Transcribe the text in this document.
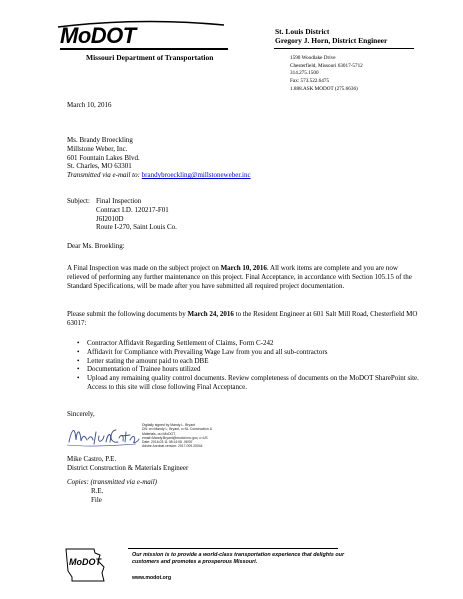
MoDOT
Missouri Department of Transportation
St. Louis District
Gregory J. Horn, District Engineer
1590 Woodlake Drive
Chesterfield, Missouri 63017-5712
314.275.1500
Fax: 573.522.6475
1.888.ASK MODOT (275.6636)
March 10, 2016
Ms. Brandy Broeckling
Millstone Weber, Inc.
601 Fountain Lakes Blvd.
St. Charles, MO 63301
Transmitted via e-mail to: brandybroeckling@millstoneweber.inc
Subject: Final Inspection
Contract I.D. 120217-F01
J6I2010D
Route I-270, Saint Louis Co.
Dear Ms. Broekling:
A Final Inspection was made on the subject project on March 10, 2016. All work items are complete and you are now relieved of performing any further maintenance on this project. Final Acceptance, in accordance with Section 105.15 of the Standard Specifications, will be made after you have submitted all required project documentation.
Please submit the following documents by March 24, 2016 to the Resident Engineer at 601 Salt Mill Road, Chesterfield MO 63017:
• Contractor Affidavit Regarding Settlement of Claims, Form C-242
• Affidavit for Compliance with Prevailing Wage Law from you and all sub-contractors
• Letter stating the amount paid to each DBE
• Documentation of Trainee hours utilized
• Upload any remaining quality control documents. Review completeness of documents on the MoDOT SharePoint site. Access to this site will close following Final Acceptance.
Sincerely,
Digitally signed by Mandy L. Bryant
DN: cn=Mandy L. Bryant, o=SL Construction &
Materials, ou=MoDOT,
email=Mandy.Bryant@modot.mo.gov, c=US
Date: 2016.03.11 08:14:08 -06'00'
Adobe Acrobat version: 2017.009.20044
Mike Castro, P.E.
District Construction & Materials Engineer
Copies: (transmitted via e-mail)
R.E.
File
MoDOT
Our mission is to provide a world-class transportation experience that delights our customers and promotes a prosperous Missouri.
www.modot.org
